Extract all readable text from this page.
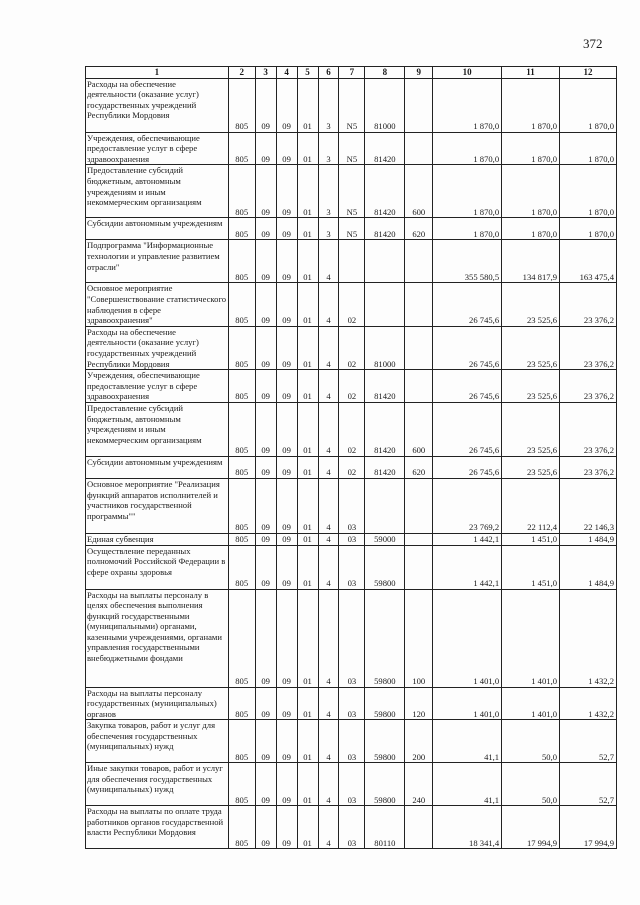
372
1	2	3	4	5	6	7	8	9	10	11	12
Расходы на обеспечение деятельности (оказание услуг) государственных учреждений Республики Мордовия	805	09	09	01	3	N5	81000		1 870,0	1 870,0	1 870,0
Учреждения, обеспечивающие предоставление услуг в сфере здравоохранения	805	09	09	01	3	N5	81420		1 870,0	1 870,0	1 870,0
Предоставление субсидий бюджетным, автономным учреждениям и иным некоммерческим организациям	805	09	09	01	3	N5	81420	600	1 870,0	1 870,0	1 870,0
Субсидии автономным учреждениям	805	09	09	01	3	N5	81420	620	1 870,0	1 870,0	1 870,0
Подпрограмма "Информационные технологии и управление развитием отрасли"	805	09	09	01	4				355 580,5	134 817,9	163 475,4
Основное мероприятие "Совершенствование статистического наблюдения в сфере здравоохранения"	805	09	09	01	4	02			26 745,6	23 525,6	23 376,2
Расходы на обеспечение деятельности (оказание услуг) государственных учреждений Республики Мордовия	805	09	09	01	4	02	81000		26 745,6	23 525,6	23 376,2
Учреждения, обеспечивающие предоставление услуг в сфере здравоохранения	805	09	09	01	4	02	81420		26 745,6	23 525,6	23 376,2
Предоставление субсидий бюджетным, автономным учреждениям и иным некоммерческим организациям	805	09	09	01	4	02	81420	600	26 745,6	23 525,6	23 376,2
Субсидии автономным учреждениям	805	09	09	01	4	02	81420	620	26 745,6	23 525,6	23 376,2
Основное мероприятие "Реализация функций аппаратов исполнителей и участников государственной программы""	805	09	09	01	4	03			23 769,2	22 112,4	22 146,3
Единая субвенция	805	09	09	01	4	03	59000		1 442,1	1 451,0	1 484,9
Осуществление переданных полномочий Российской Федерации в сфере охраны здоровья	805	09	09	01	4	03	59800		1 442,1	1 451,0	1 484,9
Расходы на выплаты персоналу в целях обеспечения выполнения функций государственными (муниципальными) органами, казенными учреждениями, органами управления государственными внебюджетными фондами	805	09	09	01	4	03	59800	100	1 401,0	1 401,0	1 432,2
Расходы на выплаты персоналу государственных (муниципальных) органов	805	09	09	01	4	03	59800	120	1 401,0	1 401,0	1 432,2
Закупка товаров, работ и услуг для обеспечения государственных (муниципальных) нужд	805	09	09	01	4	03	59800	200	41,1	50,0	52,7
Иные закупки товаров, работ и услуг для обеспечения государственных (муниципальных) нужд	805	09	09	01	4	03	59800	240	41,1	50,0	52,7
Расходы на выплаты по оплате труда работников органов государственной власти Республики Мордовия	805	09	09	01	4	03	80110		18 341,4	17 994,9	17 994,9
